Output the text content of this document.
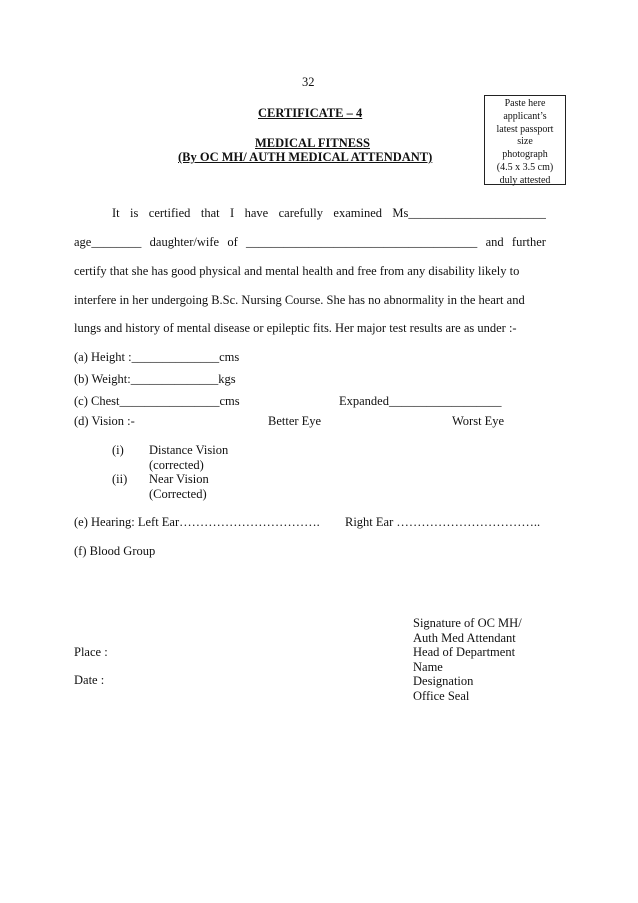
32
CERTIFICATE – 4
MEDICAL FITNESS
(By OC MH/ AUTH MEDICAL ATTENDANT)
Paste here
applicant’s
latest passport
size
photograph
(4.5 x 3.5 cm)
duly attested
It is certified that I have carefully examined Ms______________________
age________ daughter/wife of _____________________________________ and further
certify that she has good physical and mental health and free from any disability likely to
interfere in her undergoing B.Sc. Nursing Course. She has no abnormality in the heart and
lungs and history of mental disease or epileptic fits. Her major test results are as under :-
(a) Height :______________cms
(b) Weight:______________kgs
(c) Chest________________cms	Expanded__________________
(d) Vision :-	Better Eye	Worst Eye
(i) Distance Vision
(corrected)
(ii) Near Vision
(Corrected)
(e) Hearing: Left Ear……………………………. Right Ear ……………………………..
(f) Blood Group
Place :
Date :
Signature of OC MH/
Auth Med Attendant
Head of Department
Name
Designation
Office Seal
